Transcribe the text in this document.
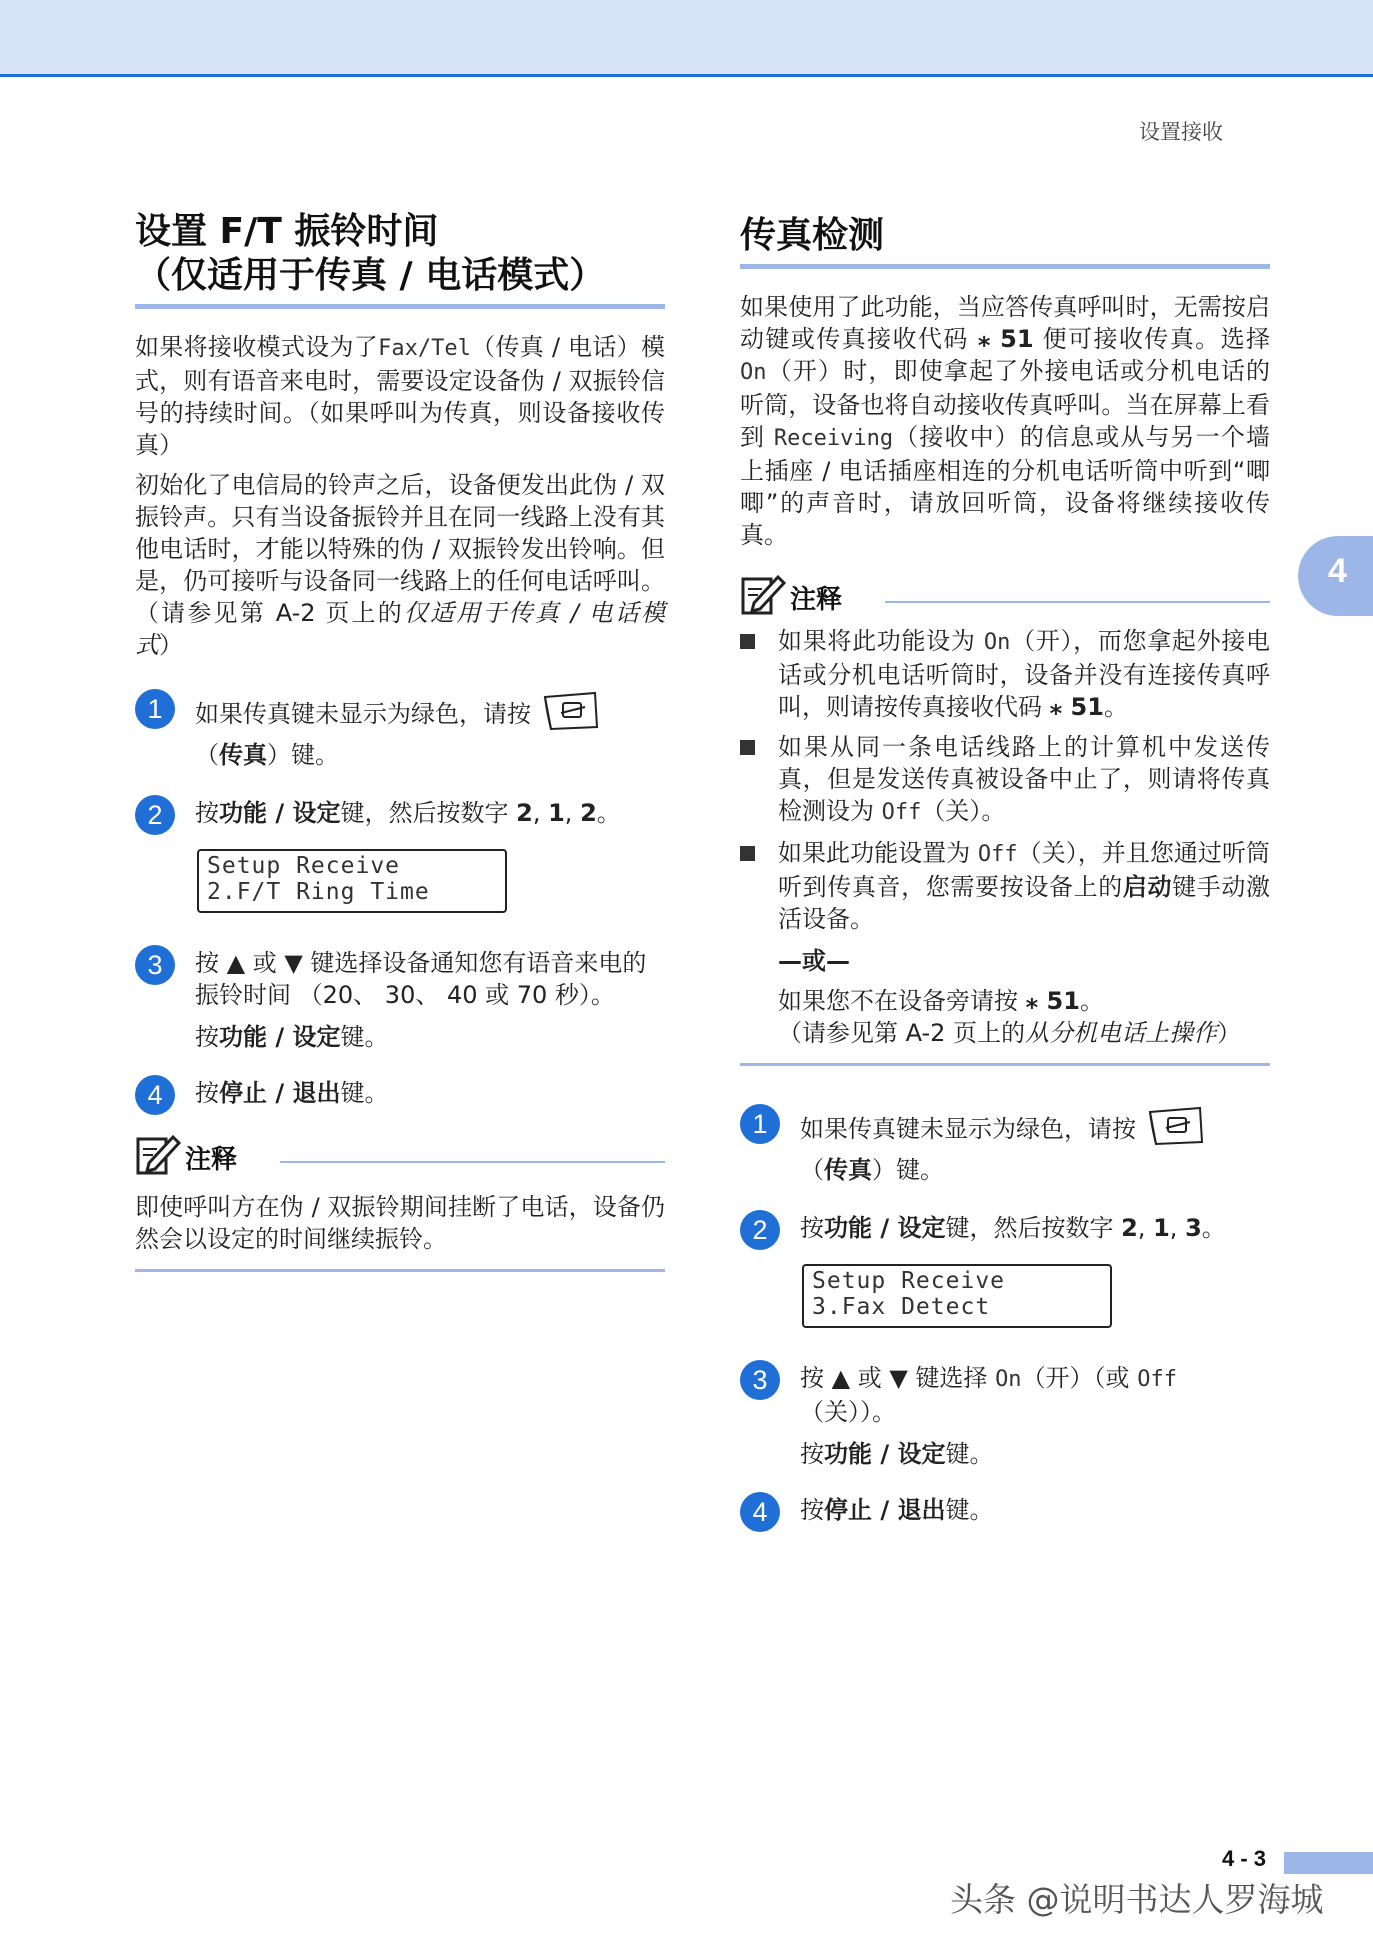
设置接收
设置 F/T 振铃时间
（仅适用于传真 / 电话模式）

如果将接收模式设为了Fax/Tel（传真 / 电话）模式，则有语音来电时，需要设定设备伪 / 双振铃信号的持续时间。（如果呼叫为传真，则设备接收传真）

初始化了电信局的铃声之后，设备便发出此伪 / 双振铃声。只有当设备振铃并且在同一线路上没有其他电话时，才能以特殊的伪 / 双振铃发出铃响。但是，仍可接听与设备同一线路上的任何电话呼叫。（请参见第 A-2 页上的仅适用于传真 / 电话模式）

1	如果传真键未显示为绿色，请按
（传真）键。
2	按功能 / 设定键，然后按数字 2, 1, 2。
Setup Receive
2.F/T Ring Time
3	按 ▲ 或 ▼ 键选择设备通知您有语音来电的振铃时间 （20、 30、 40 或 70 秒）。
按功能 / 设定键。
4	按停止 / 退出键。
注释

即使呼叫方在伪 / 双振铃期间挂断了电话，设备仍然会以设定的时间继续振铃。

传真检测

如果使用了此功能，当应答传真呼叫时，无需按启动键或传真接收代码 ⁎ 51 便可接收传真。选择 On（开）时，即使拿起了外接电话或分机电话的听筒，设备也将自动接收传真呼叫。当在屏幕上看到 Receiving（接收中）的信息或从与另一个墙上插座 / 电话插座相连的分机电话听筒中听到“唧唧”的声音时，请放回听筒，设备将继续接收传真。

注释
如果将此功能设为 On（开），而您拿起外接电话或分机电话听筒时，设备并没有连接传真呼叫，则请按传真接收代码 ⁎ 51。
如果从同一条电话线路上的计算机中发送传真，但是发送传真被设备中止了，则请将传真检测设为 Off（关）。
如果此功能设置为 Off（关），并且您通过听筒听到传真音，您需要按设备上的启动键手动激活设备。
—或—
如果您不在设备旁请按 ⁎ 51。
（请参见第 A-2 页上的从分机电话上操作）
1	如果传真键未显示为绿色，请按
（传真）键。
2	按功能 / 设定键，然后按数字 2, 1, 3。
Setup Receive
3.Fax Detect
3	按 ▲ 或 ▼ 键选择 On（开）（或 Off（关））。
按功能 / 设定键。
4	按停止 / 退出键。
4
4 - 3
头条 @说明书达人罗海城
